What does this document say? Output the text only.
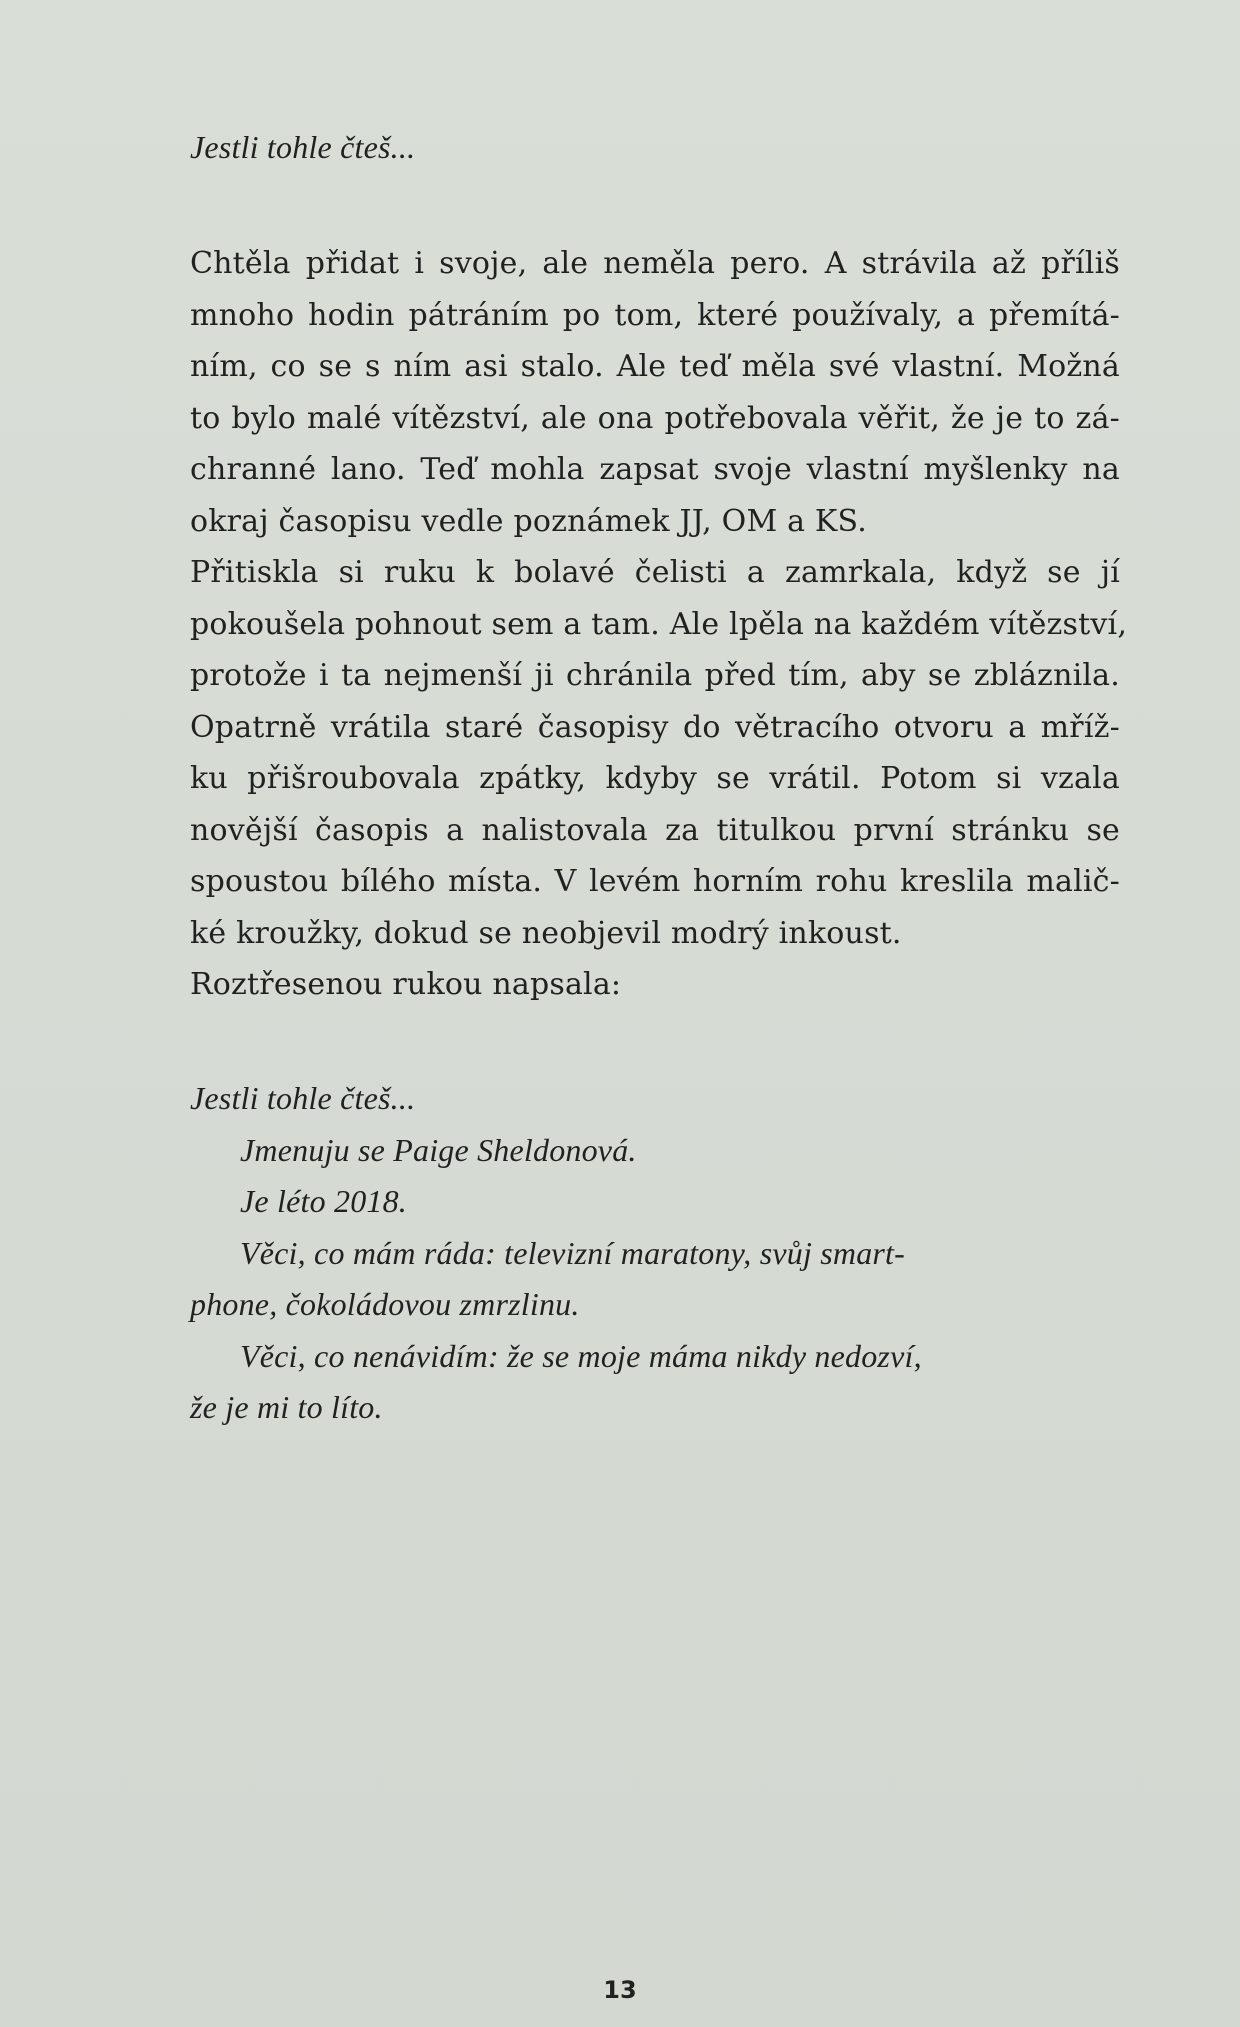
Jestli tohle čteš...
Chtěla přidat i svoje, ale neměla pero. A strávila až příliš
mnoho hodin pátráním po tom, které používaly, a přemítá-
ním, co se s ním asi stalo. Ale teď měla své vlastní. Možná
to bylo malé vítězství, ale ona potřebovala věřit, že je to zá-
chranné lano. Teď mohla zapsat svoje vlastní myšlenky na
okraj časopisu vedle poznámek JJ, OM a KS.
Přitiskla si ruku k bolavé čelisti a zamrkala, když se jí
pokoušela pohnout sem a tam. Ale lpěla na každém vítězství,
protože i ta nejmenší ji chránila před tím, aby se zbláznila.
Opatrně vrátila staré časopisy do větracího otvoru a mříž-
ku přišroubovala zpátky, kdyby se vrátil. Potom si vzala
novější časopis a nalistovala za titulkou první stránku se
spoustou bílého místa. V levém horním rohu kreslila malič-
ké kroužky, dokud se neobjevil modrý inkoust.
Roztřesenou rukou napsala:
Jestli tohle čteš...
Jmenuju se Paige Sheldonová.
Je léto 2018.
Věci, co mám ráda: televizní maratony, svůj smart-
phone, čokoládovou zmrzlinu.
Věci, co nenávidím: že se moje máma nikdy nedozví,
že je mi to líto.
13
